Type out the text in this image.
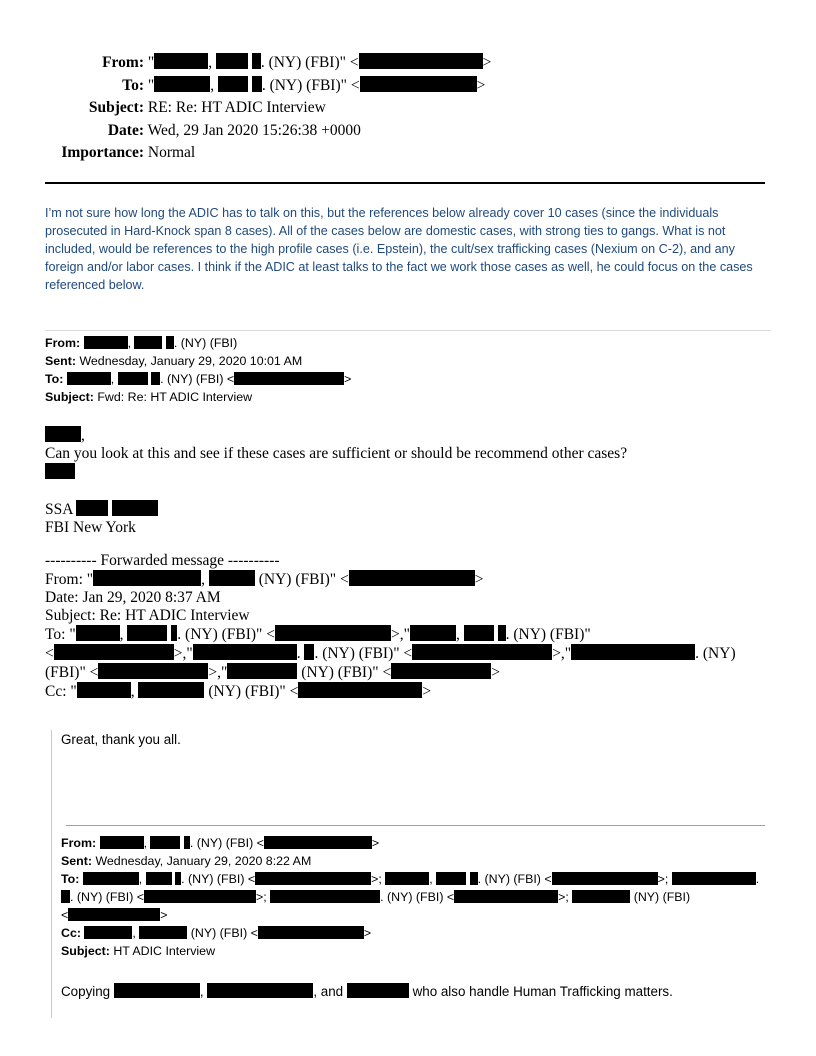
From: "	,	. (NY) (FBI)" <	>
To: "	,	. (NY) (FBI)" <	>
Subject: RE: Re: HT ADIC Interview
Date: Wed, 29 Jan 2020 15:26:38 +0000
Importance: Normal
I’m not sure how long the ADIC has to talk on this, but the references below already cover 10 cases (since the individuals prosecuted in Hard-Knock span 8 cases). All of the cases below are domestic cases, with strong ties to gangs. What is not included, would be references to the high profile cases (i.e. Epstein), the cult/sex trafficking cases (Nexium on C-2), and any foreign and/or labor cases. I think if the ADIC at least talks to the fact we work those cases as well, he could focus on the cases referenced below.
From:	,	. (NY) (FBI)
Sent: Wednesday, January 29, 2020 10:01 AM
To:	,	. (NY) (FBI) <	>
Subject: Fwd: Re: HT ADIC Interview
,
Can you look at this and see if these cases are sufficient or should be recommend other cases?
SSA
FBI New York
---------- Forwarded message ----------
From: "	,	(NY) (FBI)" <	>
Date: Jan 29, 2020 8:37 AM
Subject: Re: HT ADIC Interview
To: "	,	. (NY) (FBI)" <	>,"	,	. (NY) (FBI)"
<	>,"	. . (NY) (FBI)" <	>,"	. (NY)
(FBI)" <	>,"	(NY) (FBI)" <	>
Cc: "	,	(NY) (FBI)" <	>
Great, thank you all.
From:	,	. (NY) (FBI) <	>
Sent: Wednesday, January 29, 2020 8:22 AM
To:	,	. (NY) (FBI) <	>;	,	. (NY) (FBI) <	>;	.
. (NY) (FBI) <	>;	. (NY) (FBI) <	>;	(NY) (FBI)
<	>
Cc:	,	(NY) (FBI) <	>
Subject: HT ADIC Interview
Copying	,	, and	who also handle Human Trafficking matters.
